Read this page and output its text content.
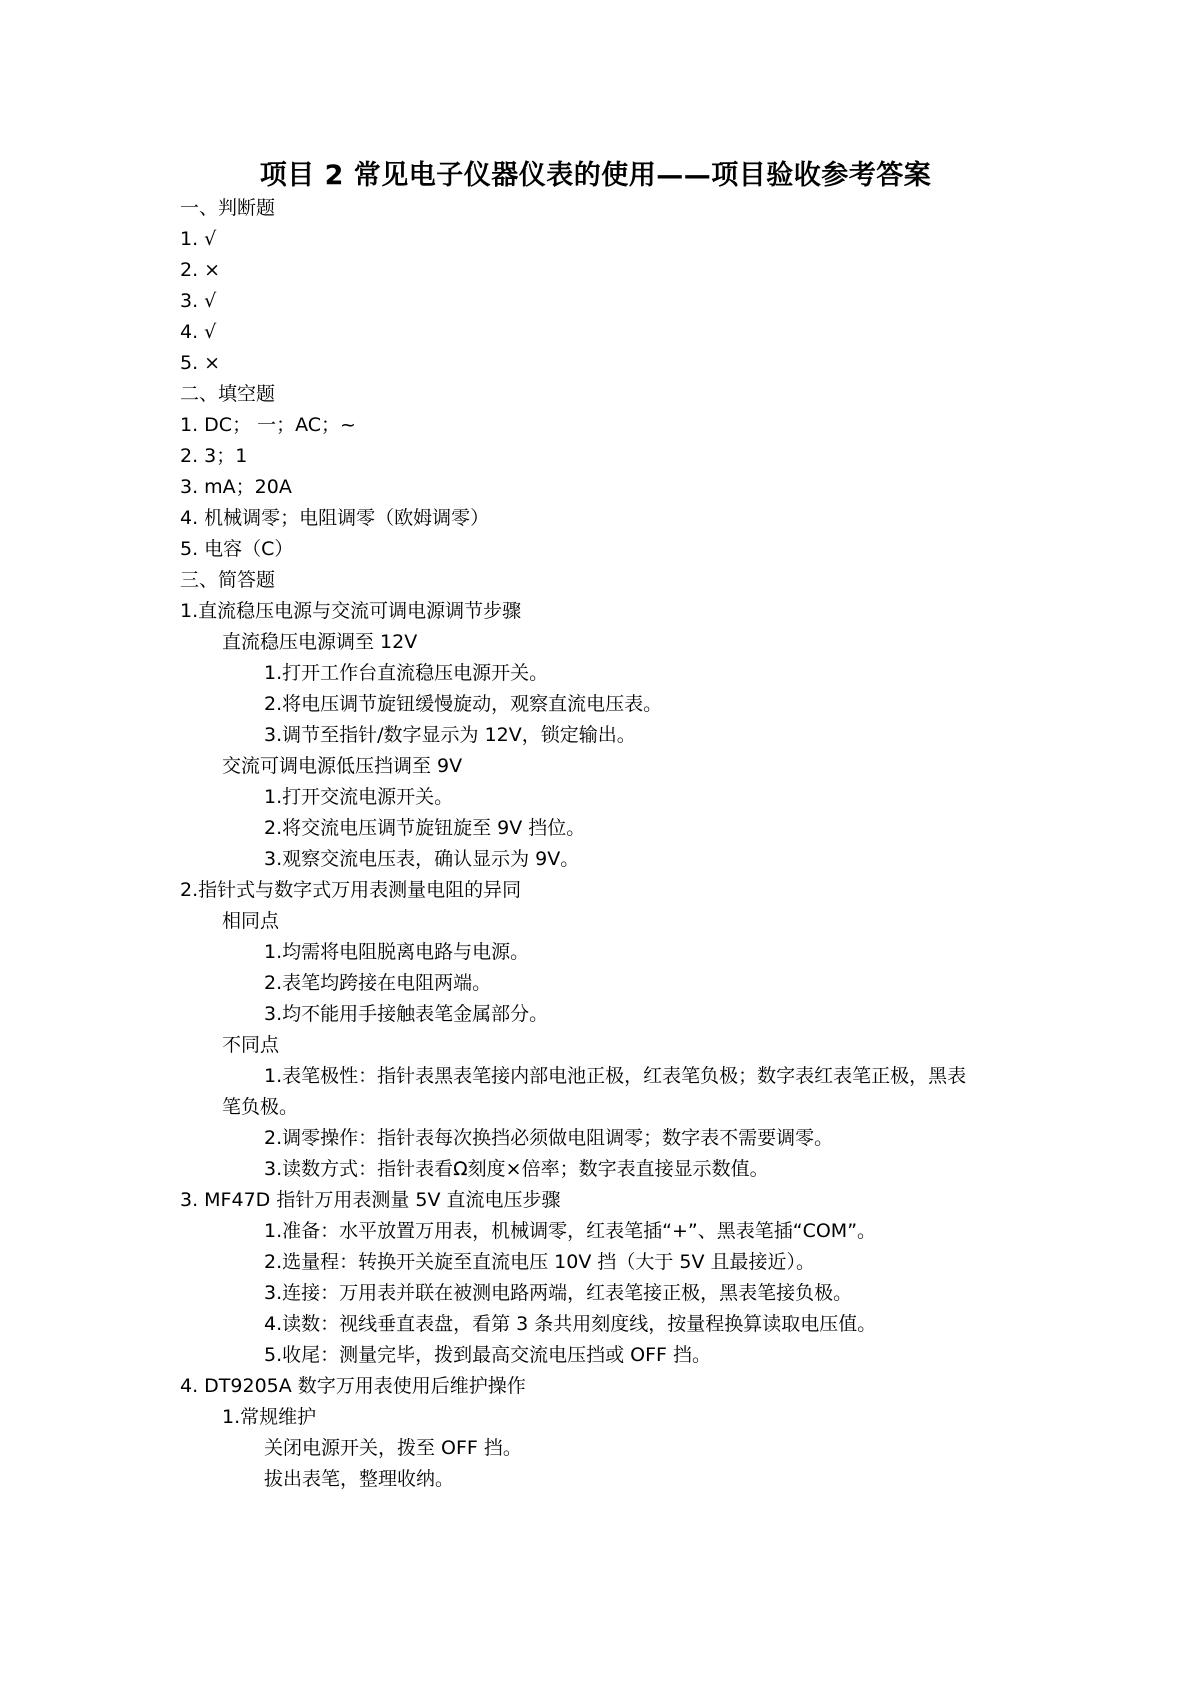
项目 2 常见电子仪器仪表的使用——项目验收参考答案
一、判断题
1. √
2. ×
3. √
4. √
5. ×
二、填空题
1. DC； 一；AC；~
2. 3；1
3. mA；20A
4. 机械调零；电阻调零（欧姆调零）
5. 电容（C）
三、简答题
1.直流稳压电源与交流可调电源调节步骤
直流稳压电源调至 12V
1.打开工作台直流稳压电源开关。
2.将电压调节旋钮缓慢旋动，观察直流电压表。
3.调节至指针/数字显示为 12V，锁定输出。
交流可调电源低压挡调至 9V
1.打开交流电源开关。
2.将交流电压调节旋钮旋至 9V 挡位。
3.观察交流电压表，确认显示为 9V。
2.指针式与数字式万用表测量电阻的异同
相同点
1.均需将电阻脱离电路与电源。
2.表笔均跨接在电阻两端。
3.均不能用手接触表笔金属部分。
不同点
1.表笔极性：指针表黑表笔接内部电池正极，红表笔负极；数字表红表笔正极，黑表笔负极。
2.调零操作：指针表每次换挡必须做电阻调零；数字表不需要调零。
3.读数方式：指针表看Ω刻度×倍率；数字表直接显示数值。
3. MF47D 指针万用表测量 5V 直流电压步骤
1.准备：水平放置万用表，机械调零，红表笔插“+”、黑表笔插“COM”。
2.选量程：转换开关旋至直流电压 10V 挡（大于 5V 且最接近）。
3.连接：万用表并联在被测电路两端，红表笔接正极，黑表笔接负极。
4.读数：视线垂直表盘，看第 3 条共用刻度线，按量程换算读取电压值。
5.收尾：测量完毕，拨到最高交流电压挡或 OFF 挡。
4. DT9205A 数字万用表使用后维护操作
1.常规维护
关闭电源开关，拨至 OFF 挡。
拔出表笔，整理收纳。
